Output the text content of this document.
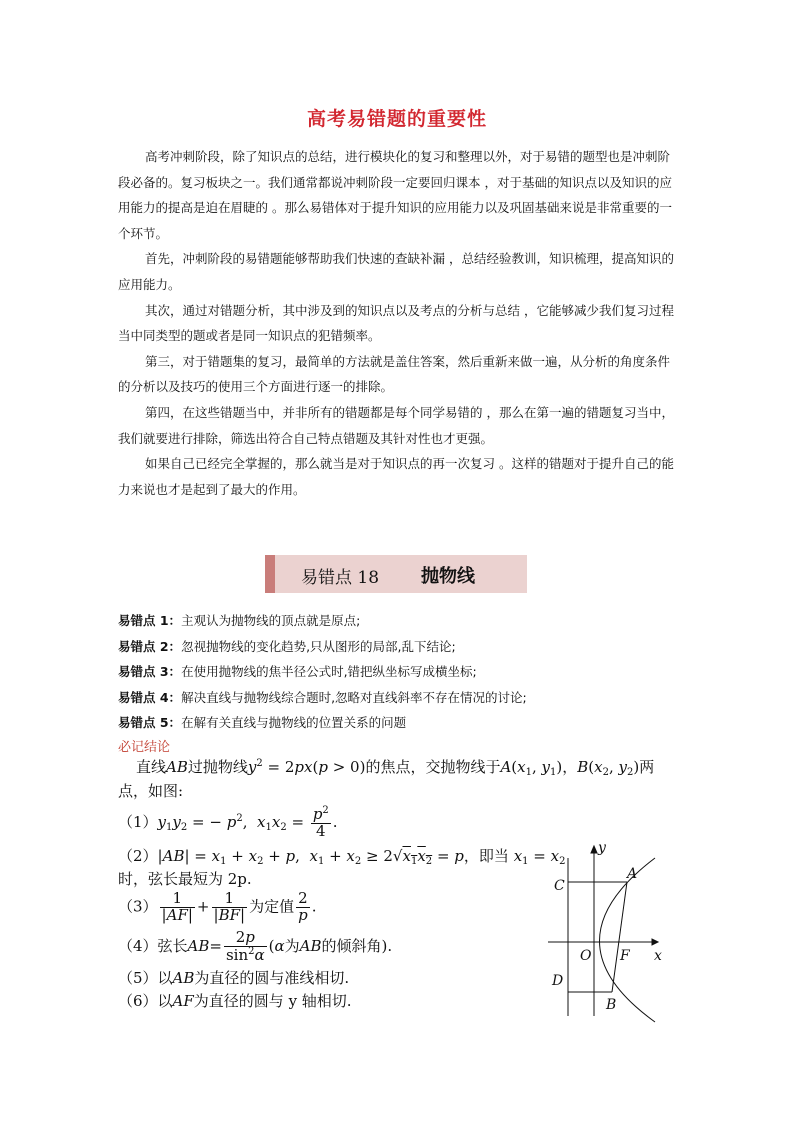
高考易错题的重要性

高考冲刺阶段，除了知识点的总结，进行模块化的复习和整理以外，对于易错的题型也是冲刺阶段必备的。复习板块之一。我们通常都说冲刺阶段一定要回归课本 ，对于基础的知识点以及知识的应用能力的提高是迫在眉睫的 。那么易错体对于提升知识的应用能力以及巩固基础来说是非常重要的一个环节。

首先，冲刺阶段的易错题能够帮助我们快速的查缺补漏 ，总结经验教训，知识梳理，提高知识的应用能力。

其次，通过对错题分析，其中涉及到的知识点以及考点的分析与总结 ，它能够减少我们复习过程当中同类型的题或者是同一知识点的犯错频率。

第三，对于错题集的复习，最简单的方法就是盖住答案，然后重新来做一遍，从分析的角度条件的分析以及技巧的使用三个方面进行逐一的排除。

第四，在这些错题当中，并非所有的错题都是每个同学易错的 ，那么在第一遍的错题复习当中，我们就要进行排除，筛选出符合自己特点错题及其针对性也才更强。

如果自己已经完全掌握的，那么就当是对于知识点的再一次复习 。这样的错题对于提升自己的能力来说也才是起到了最大的作用。

易错点 18 抛物线
易错点 1：主观认为抛物线的顶点就是原点;
易错点 2：忽视抛物线的变化趋势,只从图形的局部,乱下结论;
易错点 3：在使用抛物线的焦半径公式时,错把纵坐标写成横坐标;
易错点 4：解决直线与抛物线综合题时,忽略对直线斜率不存在情况的讨论;
易错点 5：在解有关直线与抛物线的位置关系的问题
必记结论
直线AB过抛物线$y^2 = 2px(p > 0)$的焦点，交抛物线于$A(x_1$, $y_1$)，$B(x_2$, $y_2$)两
点，如图:
$(1)y_1y_2$ = − $p^2$,  $x_1x_2 = \frac{p^2}{4}$ .
$(2)|AB| = x_1 + x_2 + p$,  $x_1 + x_2 \ge 2√x_1x_2 = p$，即当 $x_1 = x_2$
时，弦长最短为 2p.
$(3) \frac{1}{|AF|} + \frac{1}{|BF|}$ 为定值 $\frac{2}{p}$ .
（4）弦长$AB= \frac{2p}{\sin^2\alpha} (\alpha$为AB的倾斜角).
（5）以AB为直径的圆与准线相切.
（6）以AF为直径的圆与 y 轴相切.
C
A
O F x
y
D
B
